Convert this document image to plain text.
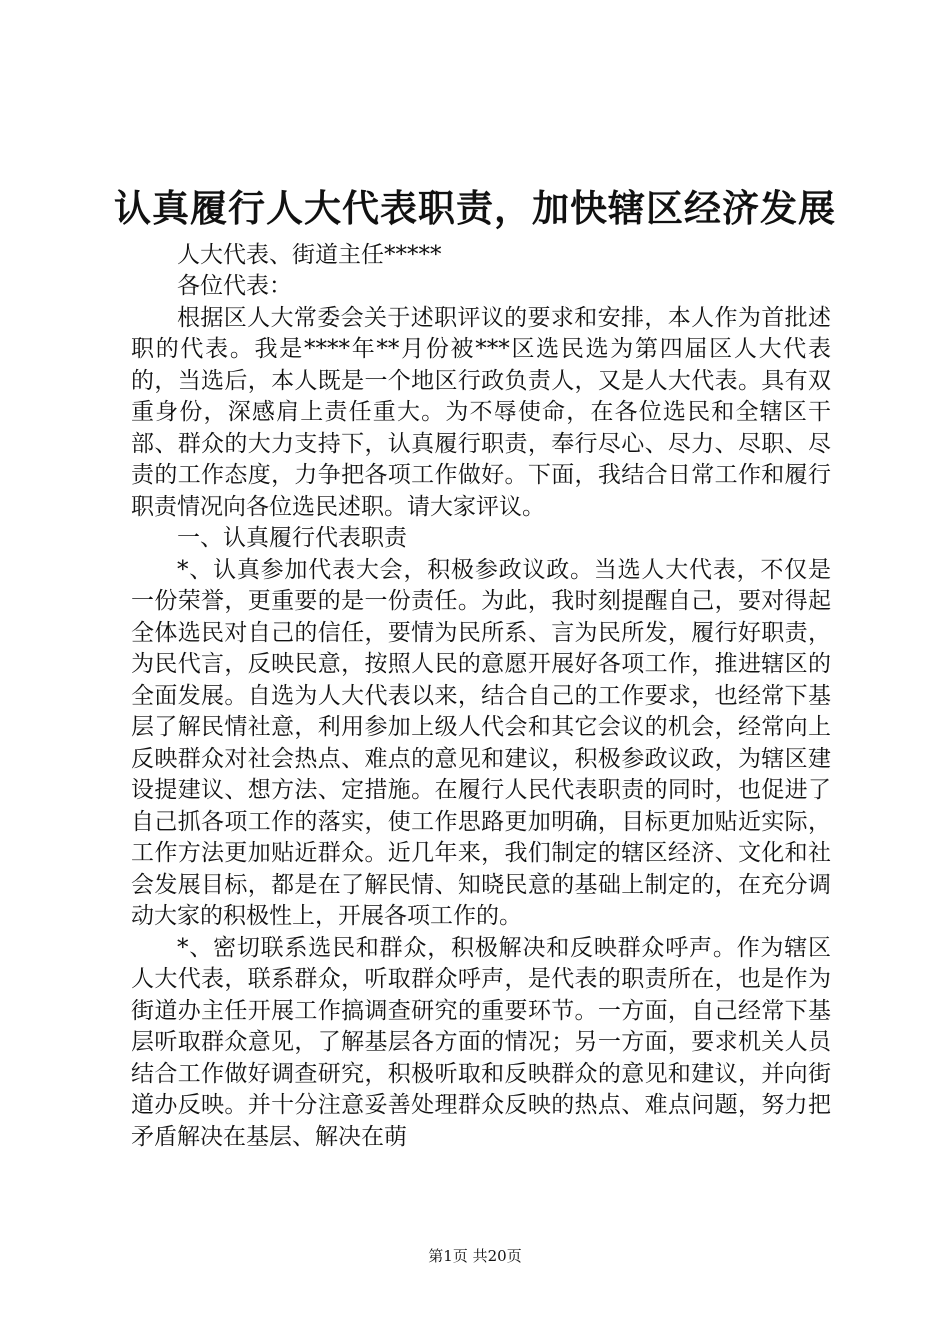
认真履行人大代表职责，加快辖区经济发展

人大代表、街道主任*****

各位代表：

根据区人大常委会关于述职评议的要求和安排，本人作为首批述职的代表。我是****年**月份被***区选民选为第四届区人大代表的，当选后，本人既是一个地区行政负责人，又是人大代表。具有双重身份，深感肩上责任重大。为不辱使命，在各位选民和全辖区干部、群众的大力支持下，认真履行职责，奉行尽心、尽力、尽职、尽责的工作态度，力争把各项工作做好。下面，我结合日常工作和履行职责情况向各位选民述职。请大家评议。

一、认真履行代表职责

*、认真参加代表大会，积极参政议政。当选人大代表，不仅是一份荣誉，更重要的是一份责任。为此，我时刻提醒自己，要对得起全体选民对自己的信任，要情为民所系、言为民所发，履行好职责，为民代言，反映民意，按照人民的意愿开展好各项工作，推进辖区的全面发展。自选为人大代表以来，结合自己的工作要求，也经常下基层了解民情社意，利用参加上级人代会和其它会议的机会，经常向上反映群众对社会热点、难点的意见和建议，积极参政议政，为辖区建设提建议、想方法、定措施。在履行人民代表职责的同时，也促进了自己抓各项工作的落实，使工作思路更加明确，目标更加贴近实际，工作方法更加贴近群众。近几年来，我们制定的辖区经济、文化和社会发展目标，都是在了解民情、知晓民意的基础上制定的，在充分调动大家的积极性上，开展各项工作的。

*、密切联系选民和群众，积极解决和反映群众呼声。作为辖区人大代表，联系群众，听取群众呼声，是代表的职责所在，也是作为街道办主任开展工作搞调查研究的重要环节。一方面，自己经常下基层听取群众意见，了解基层各方面的情况；另一方面，要求机关人员结合工作做好调查研究，积极听取和反映群众的意见和建议，并向街道办反映。并十分注意妥善处理群众反映的热点、难点问题，努力把矛盾解决在基层、解决在萌

第1页 共20页
